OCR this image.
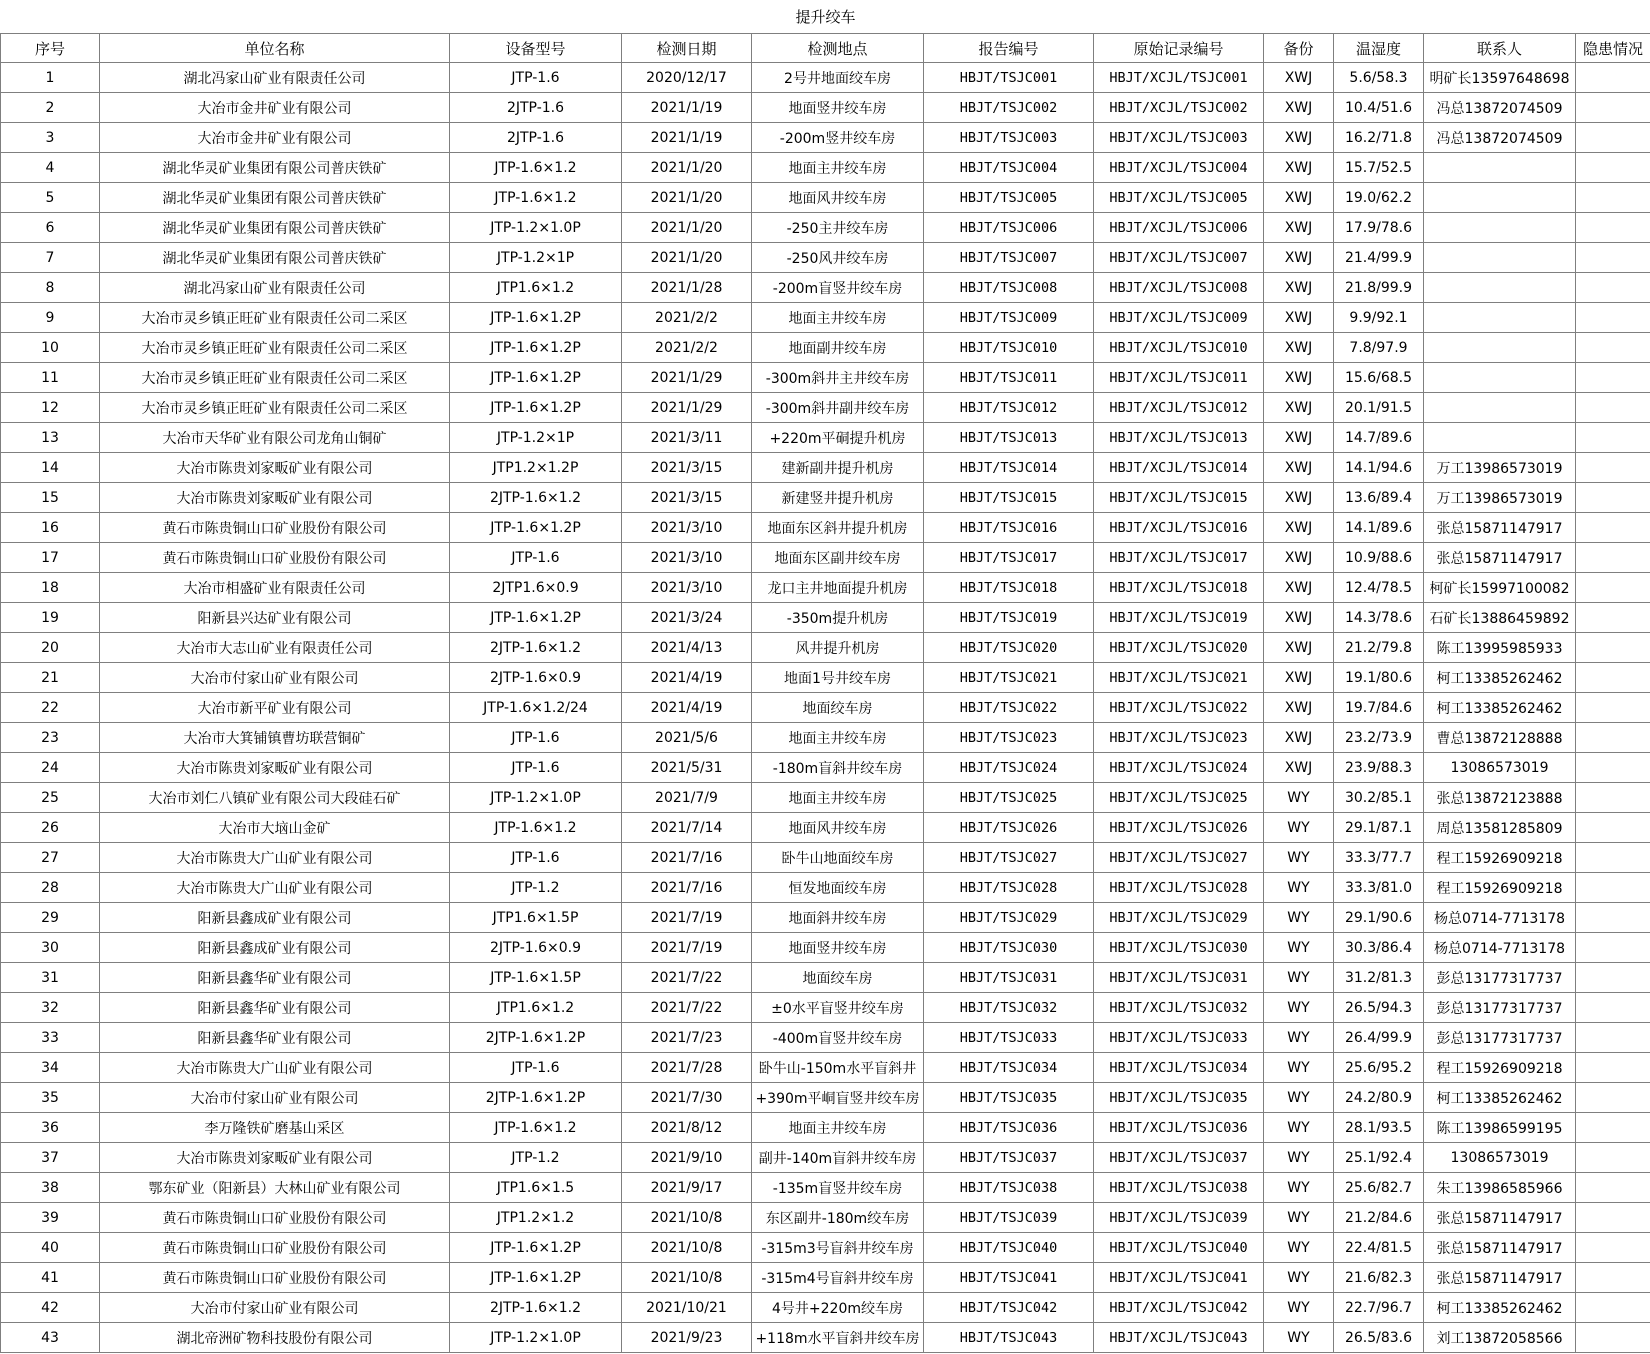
提升绞车										
序号	单位名称	设备型号	检测日期	检测地点	报告编号	原始记录编号	备份	温湿度	联系人	隐患情况
1	湖北冯家山矿业有限责任公司	JTP-1.6	2020/12/17	2号井地面绞车房	HBJT/TSJC001	HBJT/XCJL/TSJC001	XWJ	5.6/58.3	明矿长13597648698	
2	大冶市金井矿业有限公司	2JTP-1.6	2021/1/19	地面竖井绞车房	HBJT/TSJC002	HBJT/XCJL/TSJC002	XWJ	10.4/51.6	冯总13872074509	
3	大冶市金井矿业有限公司	2JTP-1.6	2021/1/19	-200m竖井绞车房	HBJT/TSJC003	HBJT/XCJL/TSJC003	XWJ	16.2/71.8	冯总13872074509	
4	湖北华灵矿业集团有限公司普庆铁矿	JTP-1.6×1.2	2021/1/20	地面主井绞车房	HBJT/TSJC004	HBJT/XCJL/TSJC004	XWJ	15.7/52.5		
5	湖北华灵矿业集团有限公司普庆铁矿	JTP-1.6×1.2	2021/1/20	地面风井绞车房	HBJT/TSJC005	HBJT/XCJL/TSJC005	XWJ	19.0/62.2		
6	湖北华灵矿业集团有限公司普庆铁矿	JTP-1.2×1.0P	2021/1/20	-250主井绞车房	HBJT/TSJC006	HBJT/XCJL/TSJC006	XWJ	17.9/78.6		
7	湖北华灵矿业集团有限公司普庆铁矿	JTP-1.2×1P	2021/1/20	-250风井绞车房	HBJT/TSJC007	HBJT/XCJL/TSJC007	XWJ	21.4/99.9		
8	湖北冯家山矿业有限责任公司	JTP1.6×1.2	2021/1/28	-200m盲竖井绞车房	HBJT/TSJC008	HBJT/XCJL/TSJC008	XWJ	21.8/99.9		
9	大冶市灵乡镇正旺矿业有限责任公司二采区	JTP-1.6×1.2P	2021/2/2	地面主井绞车房	HBJT/TSJC009	HBJT/XCJL/TSJC009	XWJ	9.9/92.1		
10	大冶市灵乡镇正旺矿业有限责任公司二采区	JTP-1.6×1.2P	2021/2/2	地面副井绞车房	HBJT/TSJC010	HBJT/XCJL/TSJC010	XWJ	7.8/97.9		
11	大冶市灵乡镇正旺矿业有限责任公司二采区	JTP-1.6×1.2P	2021/1/29	-300m斜井主井绞车房	HBJT/TSJC011	HBJT/XCJL/TSJC011	XWJ	15.6/68.5		
12	大冶市灵乡镇正旺矿业有限责任公司二采区	JTP-1.6×1.2P	2021/1/29	-300m斜井副井绞车房	HBJT/TSJC012	HBJT/XCJL/TSJC012	XWJ	20.1/91.5		
13	大冶市天华矿业有限公司龙角山铜矿	JTP-1.2×1P	2021/3/11	+220m平硐提升机房	HBJT/TSJC013	HBJT/XCJL/TSJC013	XWJ	14.7/89.6		
14	大冶市陈贵刘家畈矿业有限公司	JTP1.2×1.2P	2021/3/15	建新副井提升机房	HBJT/TSJC014	HBJT/XCJL/TSJC014	XWJ	14.1/94.6	万工13986573019	
15	大冶市陈贵刘家畈矿业有限公司	2JTP-1.6×1.2	2021/3/15	新建竖井提升机房	HBJT/TSJC015	HBJT/XCJL/TSJC015	XWJ	13.6/89.4	万工13986573019	
16	黄石市陈贵铜山口矿业股份有限公司	JTP-1.6×1.2P	2021/3/10	地面东区斜井提升机房	HBJT/TSJC016	HBJT/XCJL/TSJC016	XWJ	14.1/89.6	张总15871147917	
17	黄石市陈贵铜山口矿业股份有限公司	JTP-1.6	2021/3/10	地面东区副井绞车房	HBJT/TSJC017	HBJT/XCJL/TSJC017	XWJ	10.9/88.6	张总15871147917	
18	大冶市相盛矿业有限责任公司	2JTP1.6×0.9	2021/3/10	龙口主井地面提升机房	HBJT/TSJC018	HBJT/XCJL/TSJC018	XWJ	12.4/78.5	柯矿长15997100082	
19	阳新县兴达矿业有限公司	JTP-1.6×1.2P	2021/3/24	-350m提升机房	HBJT/TSJC019	HBJT/XCJL/TSJC019	XWJ	14.3/78.6	石矿长13886459892	
20	大冶市大志山矿业有限责任公司	2JTP-1.6×1.2	2021/4/13	风井提升机房	HBJT/TSJC020	HBJT/XCJL/TSJC020	XWJ	21.2/79.8	陈工13995985933	
21	大冶市付家山矿业有限公司	2JTP-1.6×0.9	2021/4/19	地面1号井绞车房	HBJT/TSJC021	HBJT/XCJL/TSJC021	XWJ	19.1/80.6	柯工13385262462	
22	大冶市新平矿业有限公司	JTP-1.6×1.2/24	2021/4/19	地面绞车房	HBJT/TSJC022	HBJT/XCJL/TSJC022	XWJ	19.7/84.6	柯工13385262462	
23	大冶市大箕铺镇曹坊联营铜矿	JTP-1.6	2021/5/6	地面主井绞车房	HBJT/TSJC023	HBJT/XCJL/TSJC023	XWJ	23.2/73.9	曹总13872128888	
24	大冶市陈贵刘家畈矿业有限公司	JTP-1.6	2021/5/31	-180m盲斜井绞车房	HBJT/TSJC024	HBJT/XCJL/TSJC024	XWJ	23.9/88.3	13086573019	
25	大冶市刘仁八镇矿业有限公司大段硅石矿	JTP-1.2×1.0P	2021/7/9	地面主井绞车房	HBJT/TSJC025	HBJT/XCJL/TSJC025	WY	30.2/85.1	张总13872123888	
26	大冶市大垴山金矿	JTP-1.6×1.2	2021/7/14	地面风井绞车房	HBJT/TSJC026	HBJT/XCJL/TSJC026	WY	29.1/87.1	周总13581285809	
27	大冶市陈贵大广山矿业有限公司	JTP-1.6	2021/7/16	卧牛山地面绞车房	HBJT/TSJC027	HBJT/XCJL/TSJC027	WY	33.3/77.7	程工15926909218	
28	大冶市陈贵大广山矿业有限公司	JTP-1.2	2021/7/16	恒发地面绞车房	HBJT/TSJC028	HBJT/XCJL/TSJC028	WY	33.3/81.0	程工15926909218	
29	阳新县鑫成矿业有限公司	JTP1.6×1.5P	2021/7/19	地面斜井绞车房	HBJT/TSJC029	HBJT/XCJL/TSJC029	WY	29.1/90.6	杨总0714-7713178	
30	阳新县鑫成矿业有限公司	2JTP-1.6×0.9	2021/7/19	地面竖井绞车房	HBJT/TSJC030	HBJT/XCJL/TSJC030	WY	30.3/86.4	杨总0714-7713178	
31	阳新县鑫华矿业有限公司	JTP-1.6×1.5P	2021/7/22	地面绞车房	HBJT/TSJC031	HBJT/XCJL/TSJC031	WY	31.2/81.3	彭总13177317737	
32	阳新县鑫华矿业有限公司	JTP1.6×1.2	2021/7/22	±0水平盲竖井绞车房	HBJT/TSJC032	HBJT/XCJL/TSJC032	WY	26.5/94.3	彭总13177317737	
33	阳新县鑫华矿业有限公司	2JTP-1.6×1.2P	2021/7/23	-400m盲竖井绞车房	HBJT/TSJC033	HBJT/XCJL/TSJC033	WY	26.4/99.9	彭总13177317737	
34	大冶市陈贵大广山矿业有限公司	JTP-1.6	2021/7/28	卧牛山-150m水平盲斜井	HBJT/TSJC034	HBJT/XCJL/TSJC034	WY	25.6/95.2	程工15926909218	
35	大冶市付家山矿业有限公司	2JTP-1.6×1.2P	2021/7/30	+390m平峒盲竖井绞车房	HBJT/TSJC035	HBJT/XCJL/TSJC035	WY	24.2/80.9	柯工13385262462	
36	李万隆铁矿磨基山采区	JTP-1.6×1.2	2021/8/12	地面主井绞车房	HBJT/TSJC036	HBJT/XCJL/TSJC036	WY	28.1/93.5	陈工13986599195	
37	大冶市陈贵刘家畈矿业有限公司	JTP-1.2	2021/9/10	副井-140m盲斜井绞车房	HBJT/TSJC037	HBJT/XCJL/TSJC037	WY	25.1/92.4	13086573019	
38	鄂东矿业（阳新县）大林山矿业有限公司	JTP1.6×1.5	2021/9/17	-135m盲竖井绞车房	HBJT/TSJC038	HBJT/XCJL/TSJC038	WY	25.6/82.7	朱工13986585966	
39	黄石市陈贵铜山口矿业股份有限公司	JTP1.2×1.2	2021/10/8	东区副井-180m绞车房	HBJT/TSJC039	HBJT/XCJL/TSJC039	WY	21.2/84.6	张总15871147917	
40	黄石市陈贵铜山口矿业股份有限公司	JTP-1.6×1.2P	2021/10/8	-315m3号盲斜井绞车房	HBJT/TSJC040	HBJT/XCJL/TSJC040	WY	22.4/81.5	张总15871147917	
41	黄石市陈贵铜山口矿业股份有限公司	JTP-1.6×1.2P	2021/10/8	-315m4号盲斜井绞车房	HBJT/TSJC041	HBJT/XCJL/TSJC041	WY	21.6/82.3	张总15871147917	
42	大冶市付家山矿业有限公司	2JTP-1.6×1.2	2021/10/21	4号井+220m绞车房	HBJT/TSJC042	HBJT/XCJL/TSJC042	WY	22.7/96.7	柯工13385262462	
43	湖北帝洲矿物科技股份有限公司	JTP-1.2×1.0P	2021/9/23	+118m水平盲斜井绞车房	HBJT/TSJC043	HBJT/XCJL/TSJC043	WY	26.5/83.6	刘工13872058566	
